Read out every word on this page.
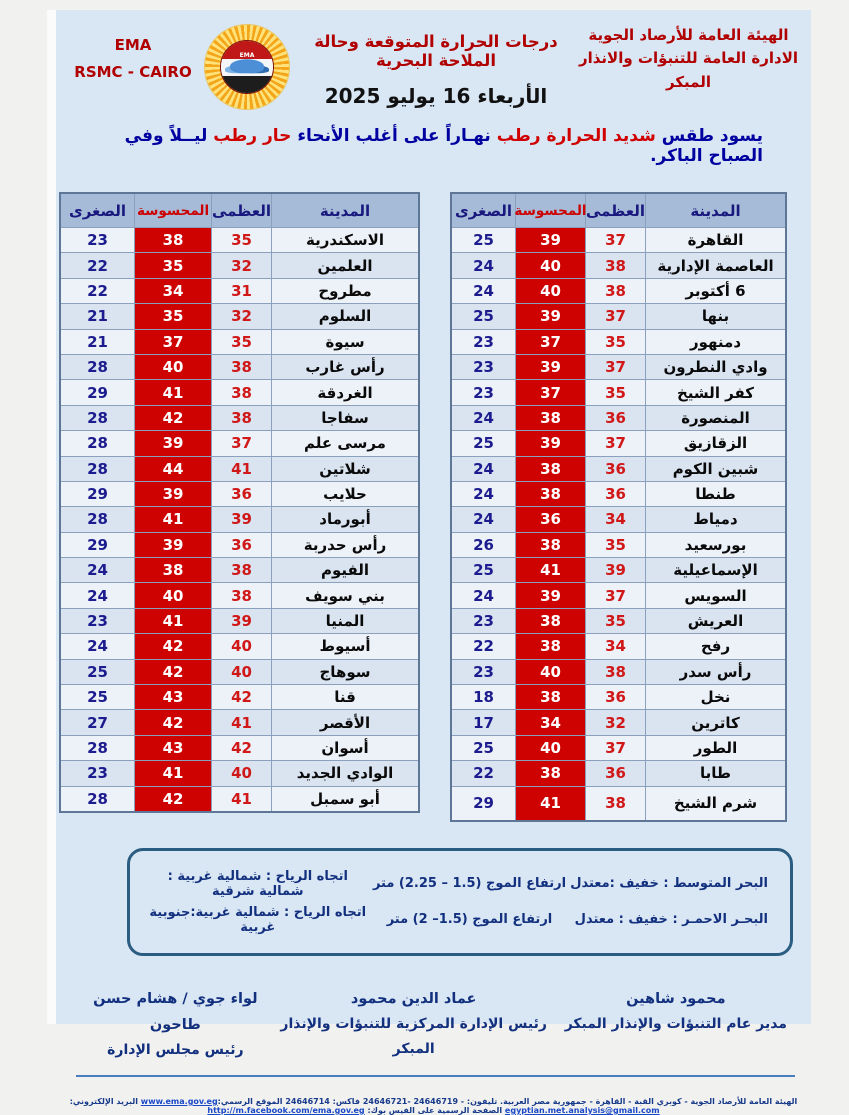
الهيئة العامة للأرصاد الجوية
الادارة العامة للتنبؤات والانذار المبكر
درجات الحرارة المتوقعة وحالة الملاحة البحرية
الأربعاء 16 يوليو 2025
EMA
EMA
RSMC - CAIRO
يسود طقس شديد الحرارة رطب نهـاراً على أغلب الأنحاء حار رطب ليــلاً وفي الصباح الباكر.
المدينة
العظمى
المحسوسة
الصغرى
القاهرة
37
39
25
العاصمة الإدارية
38
40
24
6 أكتوبر
38
40
24
بنها
37
39
25
دمنهور
35
37
23
وادي النطرون
37
39
23
كفر الشيخ
35
37
23
المنصورة
36
38
24
الزقازيق
37
39
25
شبين الكوم
36
38
24
طنطا
36
38
24
دمياط
34
36
24
بورسعيد
35
38
26
الإسماعيلية
39
41
25
السويس
37
39
24
العريش
35
38
23
رفح
34
38
22
رأس سدر
38
40
23
نخل
36
38
18
كاترين
32
34
17
الطور
37
40
25
طابا
36
38
22
شرم الشيخ
38
41
29
المدينة
العظمى
المحسوسة
الصغرى
الاسكندرية
35
38
23
العلمين
32
35
22
مطروح
31
34
22
السلوم
32
35
21
سيوة
35
37
21
رأس غارب
38
40
28
الغردقة
38
41
29
سفاجا
38
42
28
مرسى علم
37
39
28
شلاتين
41
44
28
حلايب
36
39
29
أبورماد
39
41
28
رأس حدربة
36
39
29
الفيوم
38
38
24
بني سويف
38
40
24
المنيا
39
41
23
أسيوط
40
42
24
سوهاج
40
42
25
قنا
42
43
25
الأقصر
41
42
27
أسوان
42
43
28
الوادي الجديد
40
41
23
أبو سمبل
41
42
28
البحر المتوسط : خفيف :معتدل
ارتفاع الموج (1.5 – 2.25) متر
اتجاه الرياح : شمالية غربية : شمالية شرقية
البحـر الاحمـر : خفيف : معتدل
ارتفاع الموج (1.5– 2) متر
اتجاه الرياح : شمالية غربية:جنوبية غربية
محمود شاهين
مدير عام التنبؤات والإنذار المبكر
عماد الدين محمود
رئيس الإدارة المركزية للتنبؤات والإنذار المبكر
لواء جوي / هشام حسن طاحون
رئيس مجلس الإدارة
الهيئة العامة للأرصاد الجوية - كوبري القبة - القاهرة - جمهورية مصر العربية. تليفون: - 24646719 -24646721 فاكس: 24646714 الموقع الرسمي:www.ema.gov.eg البريد الإلكتروني: egyptian.met.analysis@gmail.com الصفحة الرسمية على الفيس بوك: http://m.facebook.com/ema.gov.eg
